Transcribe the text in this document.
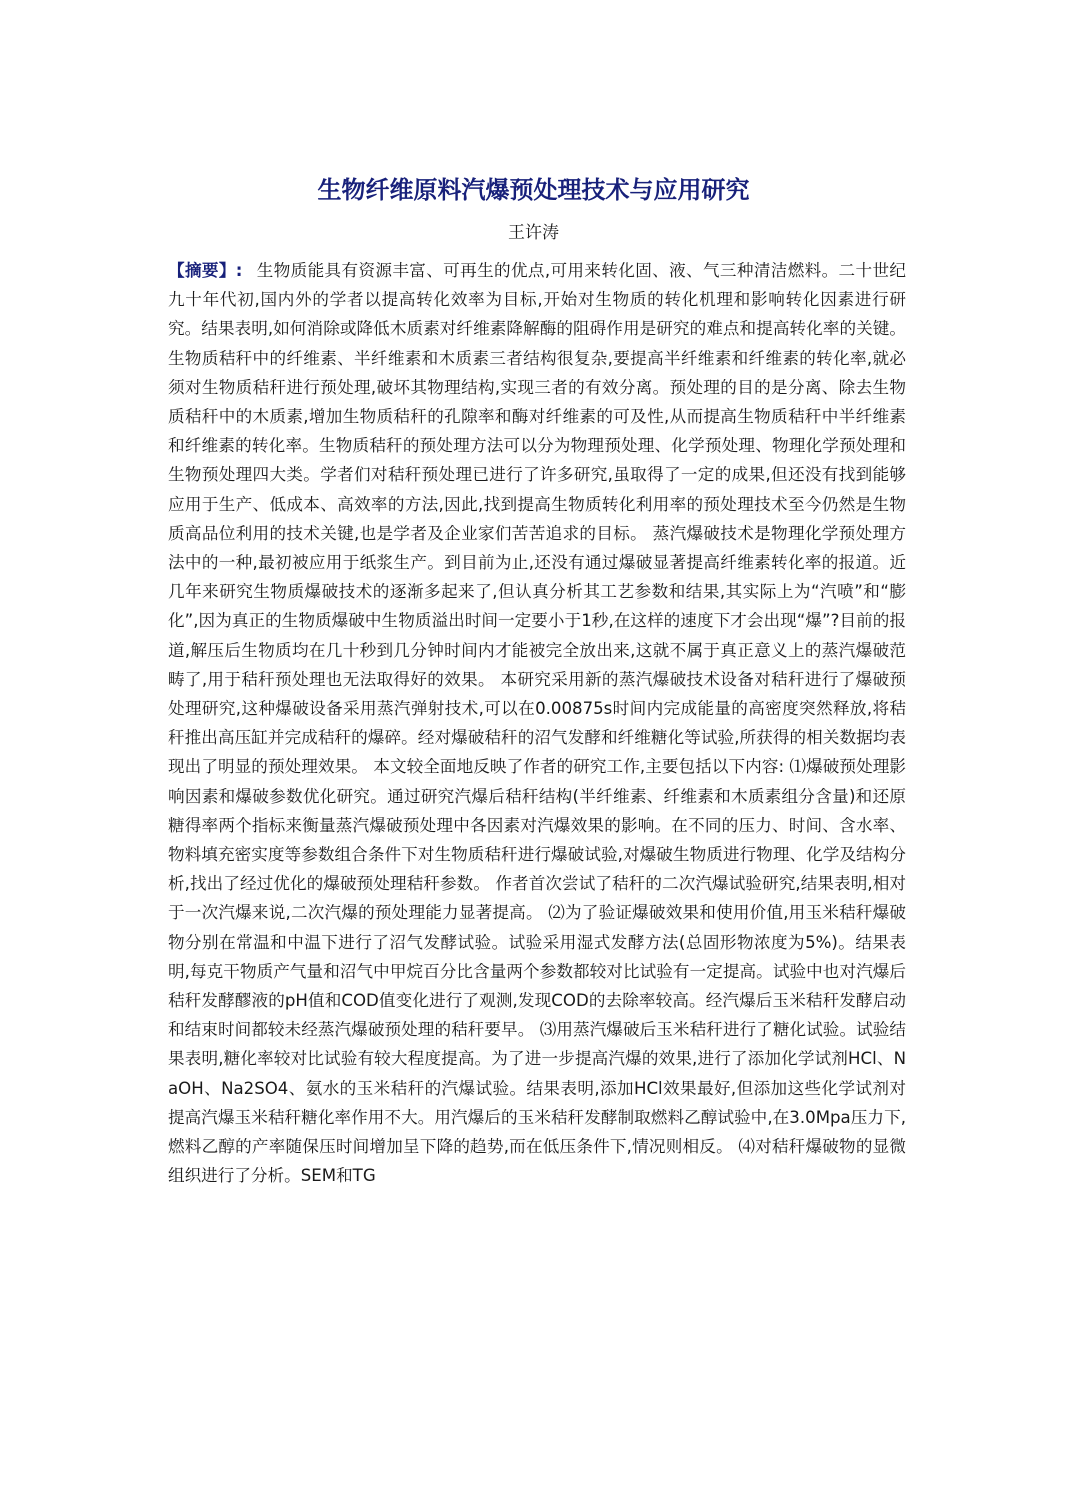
生物纤维原料汽爆预处理技术与应用研究
王许涛

【摘要】: 生物质能具有资源丰富、可再生的优点,可用来转化固、液、气三种清洁燃料。二十世纪九十年代初,国内外的学者以提高转化效率为目标,开始对生物质的转化机理和影响转化因素进行研究。结果表明,如何消除或降低木质素对纤维素降解酶的阻碍作用是研究的难点和提高转化率的关键。 生物质秸秆中的纤维素、半纤维素和木质素三者结构很复杂,要提高半纤维素和纤维素的转化率,就必须对生物质秸秆进行预处理,破坏其物理结构,实现三者的有效分离。预处理的目的是分离、除去生物质秸秆中的木质素,增加生物质秸秆的孔隙率和酶对纤维素的可及性,从而提高生物质秸秆中半纤维素和纤维素的转化率。生物质秸秆的预处理方法可以分为物理预处理、化学预处理、物理化学预处理和生物预处理四大类。学者们对秸秆预处理已进行了许多研究,虽取得了一定的成果,但还没有找到能够应用于生产、低成本、高效率的方法,因此,找到提高生物质转化利用率的预处理技术至今仍然是生物质高品位利用的技术关键,也是学者及企业家们苦苦追求的目标。 蒸汽爆破技术是物理化学预处理方法中的一种,最初被应用于纸浆生产。到目前为止,还没有通过爆破显著提高纤维素转化率的报道。近几年来研究生物质爆破技术的逐渐多起来了,但认真分析其工艺参数和结果,其实际上为“汽喷”和“膨化”,因为真正的生物质爆破中生物质溢出时间一定要小于1秒,在这样的速度下才会出现“爆”?目前的报道,解压后生物质均在几十秒到几分钟时间内才能被完全放出来,这就不属于真正意义上的蒸汽爆破范畴了,用于秸秆预处理也无法取得好的效果。 本研究采用新的蒸汽爆破技术设备对秸秆进行了爆破预处理研究,这种爆破设备采用蒸汽弹射技术,可以在0.00875s时间内完成能量的高密度突然释放,将秸秆推出高压缸并完成秸秆的爆碎。经对爆破秸秆的沼气发酵和纤维糖化等试验,所获得的相关数据均表现出了明显的预处理效果。 本文较全面地反映了作者的研究工作,主要包括以下内容: ⑴爆破预处理影响因素和爆破参数优化研究。通过研究汽爆后秸秆结构(半纤维素、纤维素和木质素组分含量)和还原糖得率两个指标来衡量蒸汽爆破预处理中各因素对汽爆效果的影响。在不同的压力、时间、含水率、物料填充密实度等参数组合条件下对生物质秸秆进行爆破试验,对爆破生物质进行物理、化学及结构分析,找出了经过优化的爆破预处理秸秆参数。 作者首次尝试了秸秆的二次汽爆试验研究,结果表明,相对于一次汽爆来说,二次汽爆的预处理能力显著提高。 ⑵为了验证爆破效果和使用价值,用玉米秸秆爆破物分别在常温和中温下进行了沼气发酵试验。试验采用湿式发酵方法(总固形物浓度为5%)。结果表明,每克干物质产气量和沼气中甲烷百分比含量两个参数都较对比试验有一定提高。试验中也对汽爆后秸秆发酵醪液的pH值和COD值变化进行了观测,发现COD的去除率较高。经汽爆后玉米秸秆发酵启动和结束时间都较未经蒸汽爆破预处理的秸秆要早。 ⑶用蒸汽爆破后玉米秸秆进行了糖化试验。试验结果表明,糖化率较对比试验有较大程度提高。为了进一步提高汽爆的效果,进行了添加化学试剂HCl、NaOH、Na2SO4、氨水的玉米秸秆的汽爆试验。结果表明,添加HCl效果最好,但添加这些化学试剂对提高汽爆玉米秸秆糖化率作用不大。用汽爆后的玉米秸秆发酵制取燃料乙醇试验中,在3.0Mpa压力下,燃料乙醇的产率随保压时间增加呈下降的趋势,而在低压条件下,情况则相反。 ⑷对秸秆爆破物的显微组织进行了分析。SEM和TG
